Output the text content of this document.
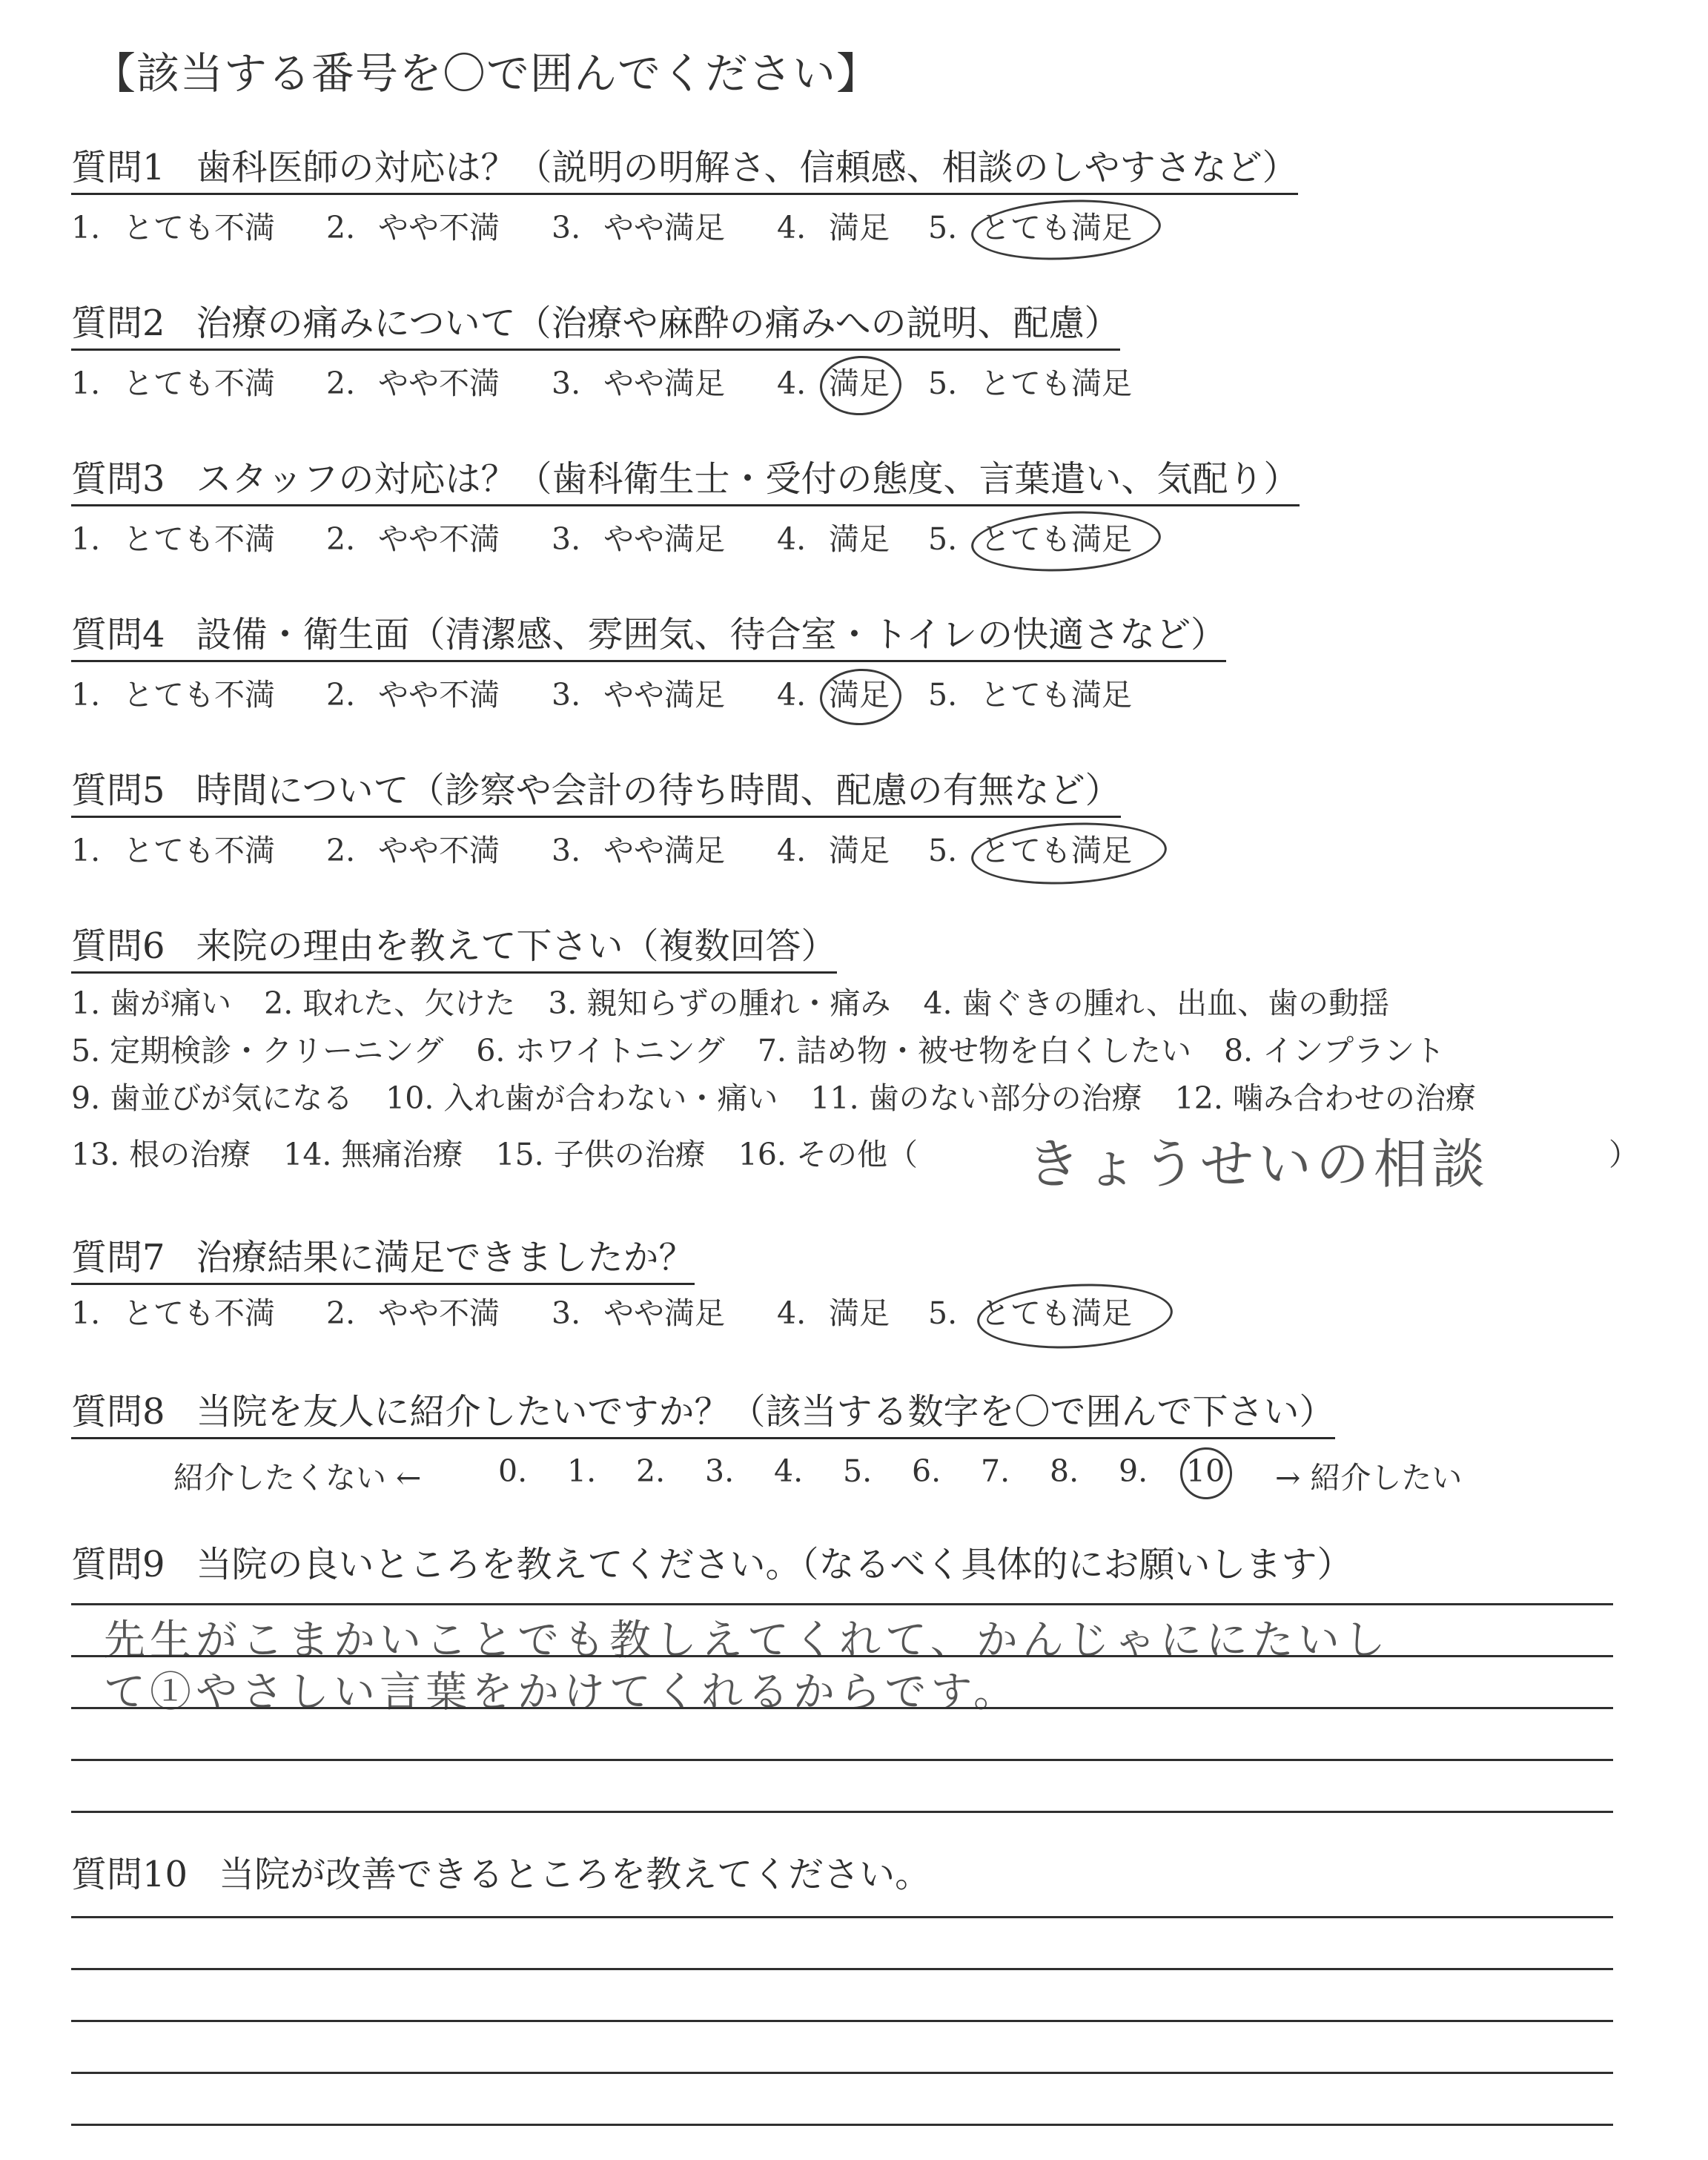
【該当する番号を〇で囲んでください】
質問1 歯科医師の対応は？（説明の明解さ、信頼感、相談のしやすさなど）
1. とても不満 2. やや不満 3. やや満足 4. 満足 5. とても満足
質問2 治療の痛みについて（治療や麻酔の痛みへの説明、配慮）
1. とても不満 2. やや不満 3. やや満足 4. 満足 5. とても満足
質問3 スタッフの対応は？（歯科衛生士・受付の態度、言葉遣い、気配り）
1. とても不満 2. やや不満 3. やや満足 4. 満足 5. とても満足
質問4 設備・衛生面（清潔感、雰囲気、待合室・トイレの快適さなど）
1. とても不満 2. やや不満 3. やや満足 4. 満足 5. とても満足
質問5 時間について（診察や会計の待ち時間、配慮の有無など）
1. とても不満 2. やや不満 3. やや満足 4. 満足 5. とても満足
質問6 来院の理由を教えて下さい（複数回答）
1. 歯が痛い 2. 取れた、欠けた 3. 親知らずの腫れ・痛み 4. 歯ぐきの腫れ、出血、歯の動揺
5. 定期検診・クリーニング 6. ホワイトニング 7. 詰め物・被せ物を白くしたい 8. インプラント
9. 歯並びが気になる 10. 入れ歯が合わない・痛い 11. 歯のない部分の治療 12. 噛み合わせの治療
13. 根の治療 14. 無痛治療 15. 子供の治療 16. その他（ きょうせいの相談	）
質問7 治療結果に満足できましたか？
1. とても不満 2. やや不満 3. やや満足 4. 満足 5. とても満足
質問8 当院を友人に紹介したいですか？（該当する数字を〇で囲んで下さい）
紹介したくない ←	0. 1. 2. 3. 4. 5. 6. 7. 8. 9. 10 → 紹介したい
質問9 当院の良いところを教えてください。（なるべく具体的にお願いします）
先生がこまかいことでも教しえてくれて、かんじゃににたいし
て①やさしい言葉をかけてくれるからです。
質問10 当院が改善できるところを教えてください。
